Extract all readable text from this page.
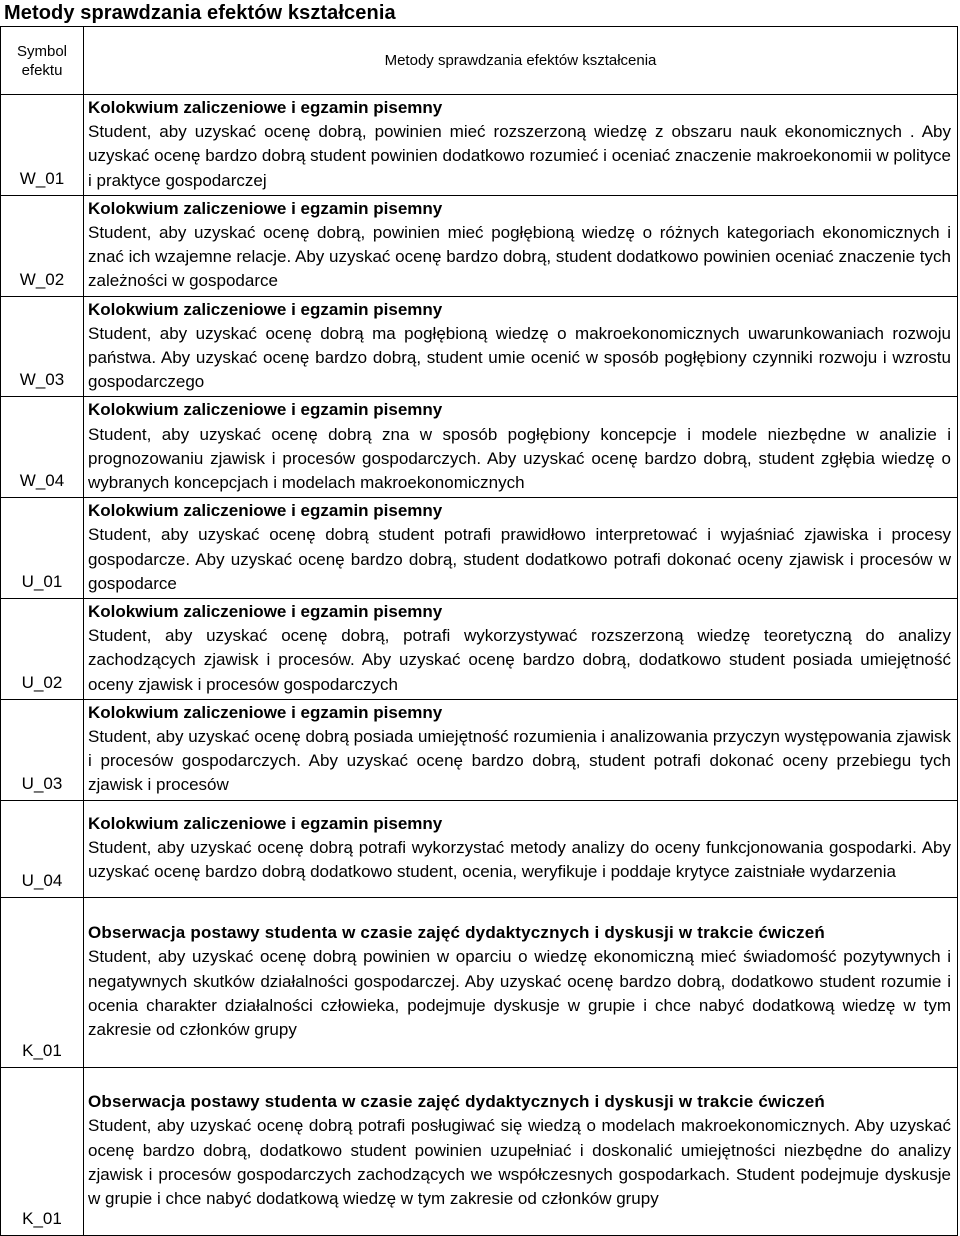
Metody sprawdzania efektów kształcenia
Symbol
efektu	Metody sprawdzania efektów kształcenia
W_01	Kolokwium zaliczeniowe i egzamin pisemny
Student, aby uzyskać ocenę dobrą, powinien mieć rozszerzoną wiedzę z obszaru nauk ekonomicznych . Aby uzyskać ocenę bardzo dobrą student powinien dodatkowo rozumieć i oceniać znaczenie makroekonomii w polityce i praktyce gospodarczej

W_02	Kolokwium zaliczeniowe i egzamin pisemny
Student, aby uzyskać ocenę dobrą, powinien mieć pogłębioną wiedzę o różnych kategoriach ekonomicznych i znać ich wzajemne relacje. Aby uzyskać ocenę bardzo dobrą, student dodatkowo powinien oceniać znaczenie tych zależności w gospodarce

W_03	Kolokwium zaliczeniowe i egzamin pisemny
Student, aby uzyskać ocenę dobrą ma pogłębioną wiedzę o makroekonomicznych uwarunkowaniach rozwoju państwa. Aby uzyskać ocenę bardzo dobrą, student umie ocenić w sposób pogłębiony czynniki rozwoju i wzrostu gospodarczego

W_04	Kolokwium zaliczeniowe i egzamin pisemny
Student, aby uzyskać ocenę dobrą zna w sposób pogłębiony koncepcje i modele niezbędne w analizie i prognozowaniu zjawisk i procesów gospodarczych. Aby uzyskać ocenę bardzo dobrą, student zgłębia wiedzę o wybranych koncepcjach i modelach makroekonomicznych

U_01	Kolokwium zaliczeniowe i egzamin pisemny
Student, aby uzyskać ocenę dobrą student potrafi prawidłowo interpretować i wyjaśniać zjawiska i procesy gospodarcze. Aby uzyskać ocenę bardzo dobrą, student dodatkowo potrafi dokonać oceny zjawisk i procesów w gospodarce

U_02	Kolokwium zaliczeniowe i egzamin pisemny
Student, aby uzyskać ocenę dobrą, potrafi wykorzystywać rozszerzoną wiedzę teoretyczną do analizy zachodzących zjawisk i procesów. Aby uzyskać ocenę bardzo dobrą, dodatkowo student posiada umiejętność oceny zjawisk i procesów gospodarczych

U_03	Kolokwium zaliczeniowe i egzamin pisemny
Student, aby uzyskać ocenę dobrą posiada umiejętność rozumienia i analizowania przyczyn występowania zjawisk i procesów gospodarczych. Aby uzyskać ocenę bardzo dobrą, student potrafi dokonać oceny przebiegu tych zjawisk i procesów

U_04	Kolokwium zaliczeniowe i egzamin pisemny
Student, aby uzyskać ocenę dobrą potrafi wykorzystać metody analizy do oceny funkcjonowania gospodarki. Aby uzyskać ocenę bardzo dobrą dodatkowo student, ocenia, weryfikuje i poddaje krytyce zaistniałe wydarzenia

K_01	Obserwacja postawy studenta w czasie zajęć dydaktycznych i dyskusji w trakcie ćwiczeń
Student, aby uzyskać ocenę dobrą powinien w oparciu o wiedzę ekonomiczną mieć świadomość pozytywnych i negatywnych skutków działalności gospodarczej. Aby uzyskać ocenę bardzo dobrą, dodatkowo student rozumie i ocenia charakter działalności człowieka, podejmuje dyskusje w grupie i chce nabyć dodatkową wiedzę w tym zakresie od członków grupy

K_01	Obserwacja postawy studenta w czasie zajęć dydaktycznych i dyskusji w trakcie ćwiczeń
Student, aby uzyskać ocenę dobrą potrafi posługiwać się wiedzą o modelach makroekonomicznych. Aby uzyskać ocenę bardzo dobrą, dodatkowo student powinien uzupełniać i doskonalić umiejętności niezbędne do analizy zjawisk i procesów gospodarczych zachodzących we współczesnych gospodarkach. Student podejmuje dyskusje w grupie i chce nabyć dodatkową wiedzę w tym zakresie od członków grupy
